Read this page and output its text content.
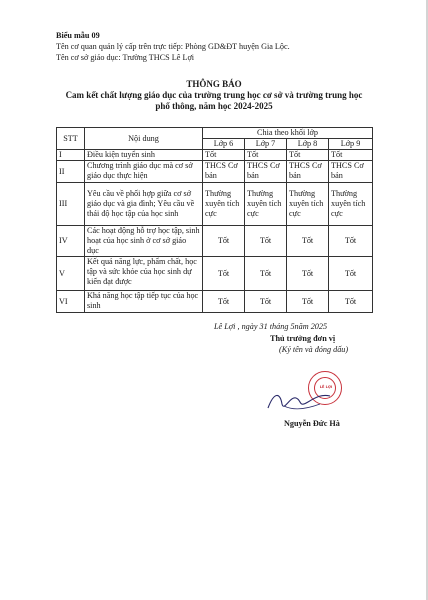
Biểu mẫu 09
Tên cơ quan quản lý cấp trên trực tiếp: Phòng GD&ĐT huyện Gia Lộc.
Tên cơ sở giáo dục: Trường THCS Lê Lợi
THÔNG BÁO
Cam kết chất lượng giáo dục của trường trung học cơ sở và trường trung học
phổ thông, năm học 2024-2025
STT	Nội dung	Chia theo khối lớp			
		Lớp 6	Lớp 7	Lớp 8	Lớp 9
I	Điều kiện tuyển sinh	Tốt	Tốt	Tốt	Tốt
II	Chương trình giáo dục mà cơ sở giáo dục thực hiện	THCS Cơ bản	THCS Cơ bản	THCS Cơ bản	THCS Cơ bản
III	Yêu cầu về phối hợp giữa cơ sở giáo dục và gia đình; Yêu cầu về thái độ học tập của học sinh	Thường xuyên tích cực	Thường xuyên tích cực	Thường xuyên tích cực	Thường xuyên tích cực
IV	Các hoạt động hỗ trợ học tập, sinh hoạt của học sinh ở cơ sở giáo dục	Tốt	Tốt	Tốt	Tốt
V	Kết quả năng lực, phẩm chất, học tập và sức khỏe của học sinh dự kiến đạt được	Tốt	Tốt	Tốt	Tốt
VI	Khả năng học tập tiếp tục của học sinh	Tốt	Tốt	Tốt	Tốt
Lê Lợi , ngày 31 tháng 5năm 2025
Thủ trưởng đơn vị
(Ký tên và đóng dấu)
LÊ LỢI
Nguyễn Đức Hà
